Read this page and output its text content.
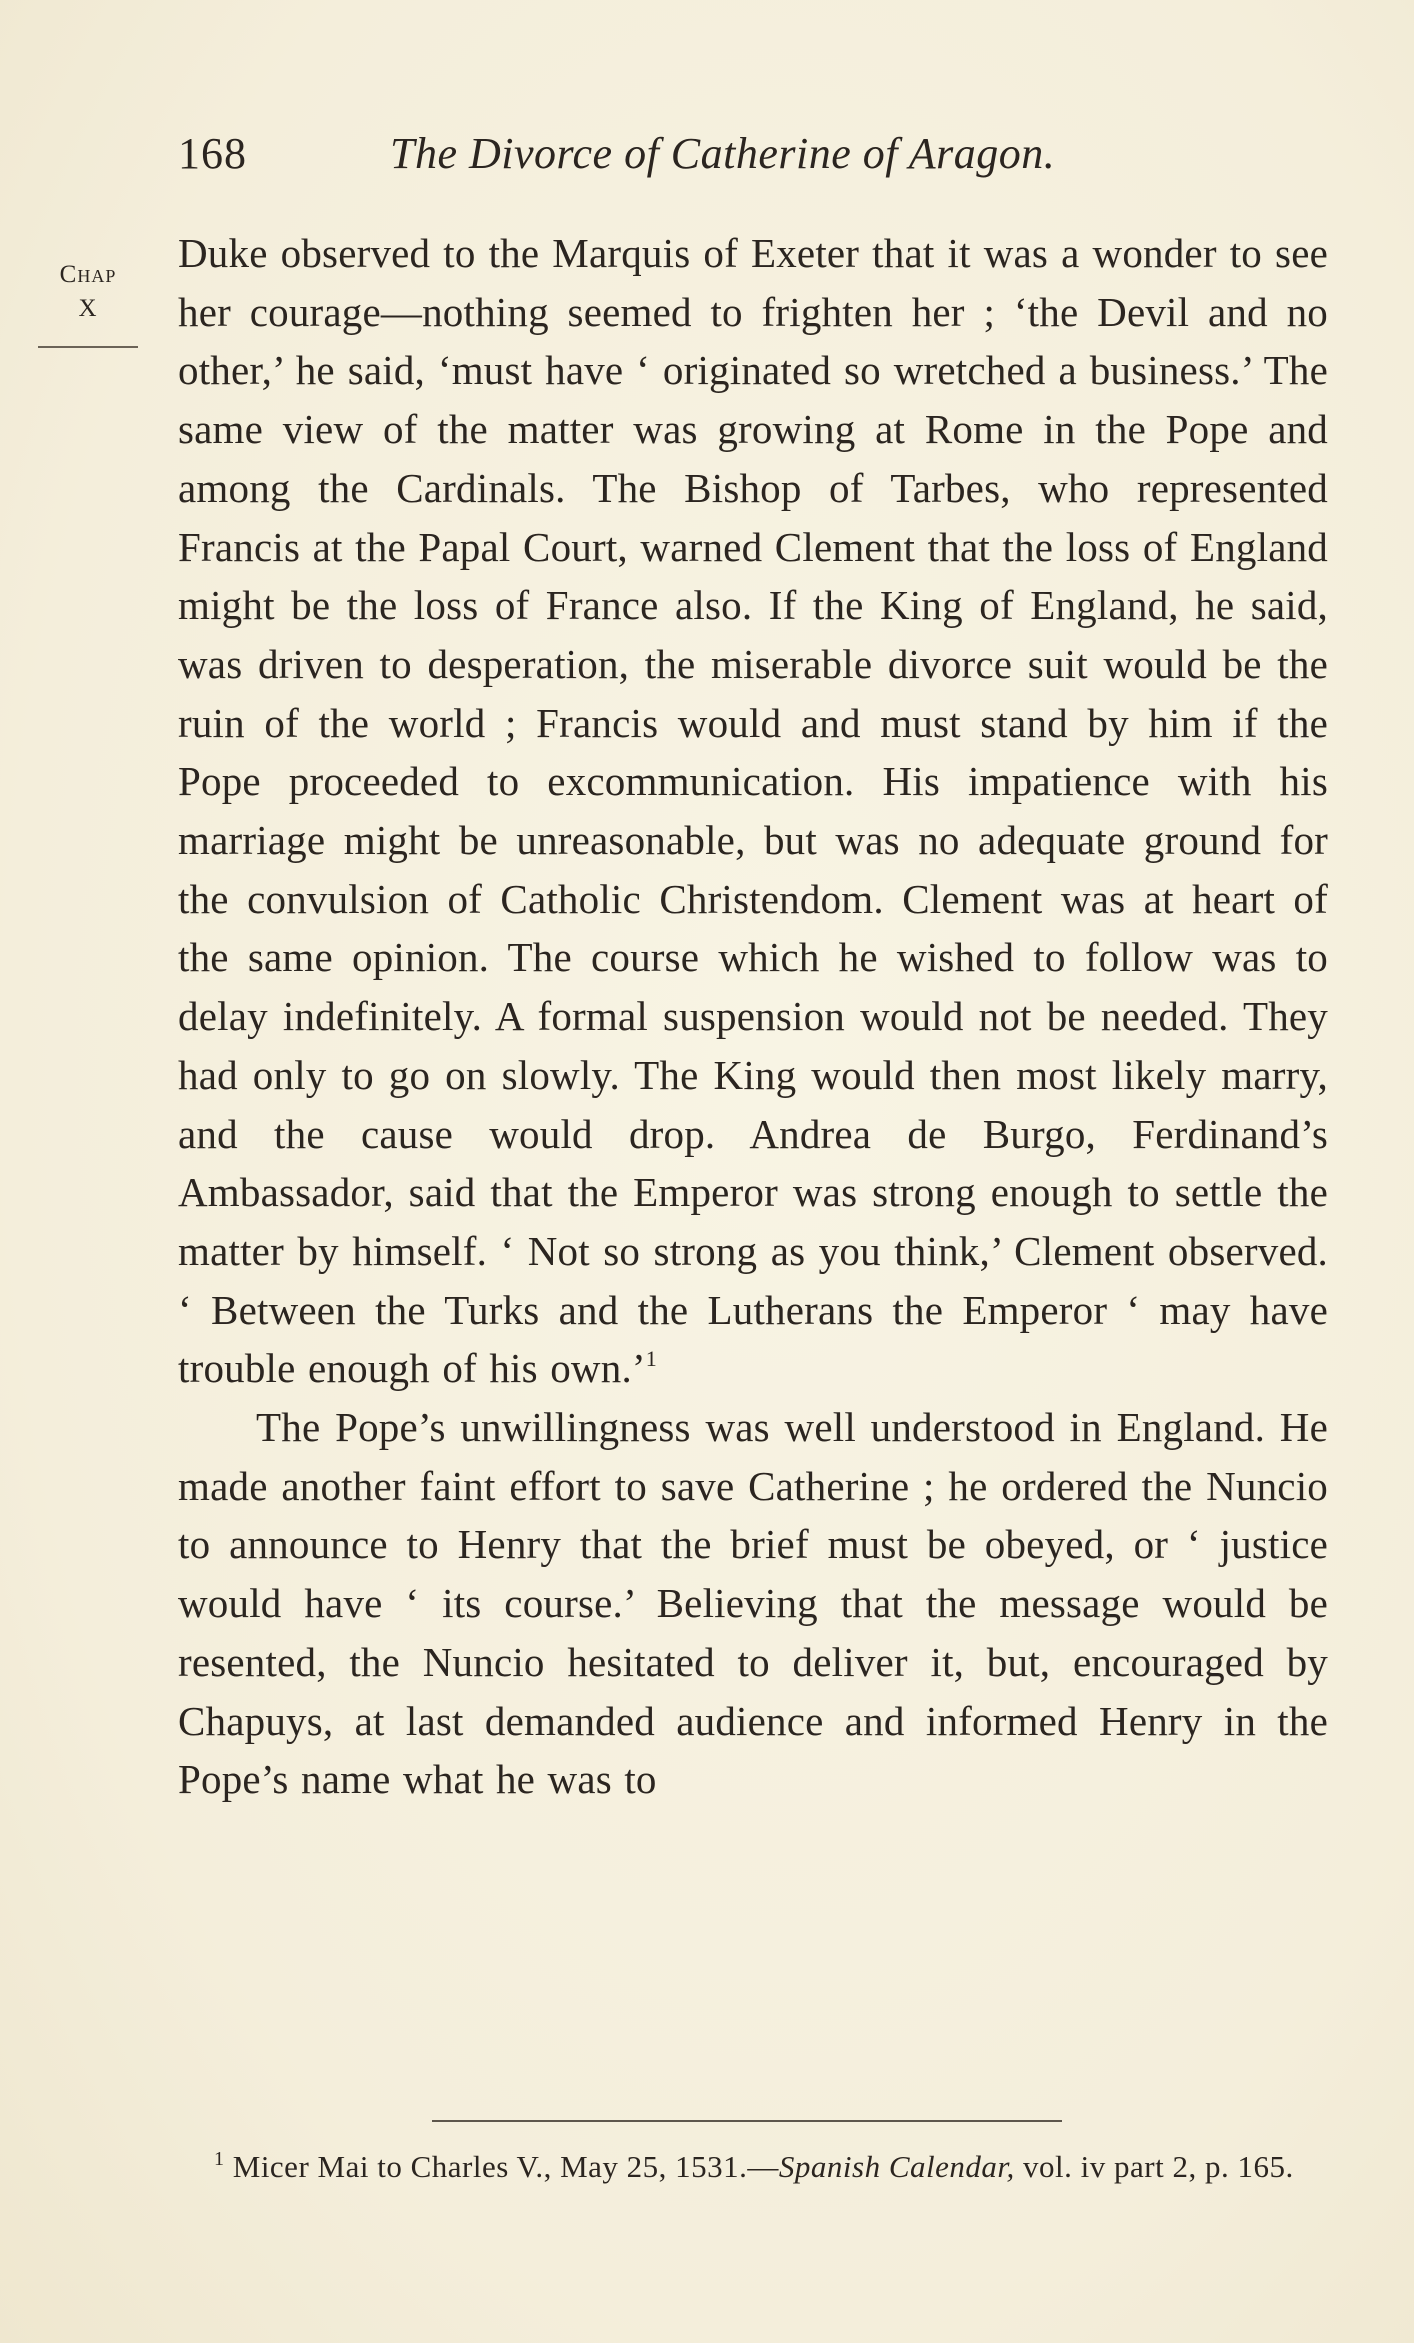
168	The Divorce of Catherine of Aragon.
Chap
X

Duke observed to the Marquis of Exeter that it was a wonder to see her courage—nothing seemed to frighten her ; ‘the Devil and no other,’ he said, ‘must have ‘ originated so wretched a business.’ The same view of the matter was growing at Rome in the Pope and among the Cardinals. The Bishop of Tarbes, who represented Francis at the Papal Court, warned Clement that the loss of England might be the loss of France also. If the King of England, he said, was driven to desperation, the miserable divorce suit would be the ruin of the world ; Francis would and must stand by him if the Pope proceeded to excommunication. His impatience with his marriage might be unreasonable, but was no adequate ground for the convulsion of Catholic Christendom. Clement was at heart of the same opinion. The course which he wished to follow was to delay indefinitely. A formal suspension would not be needed. They had only to go on slowly. The King would then most likely marry, and the cause would drop. Andrea de Burgo, Ferdinand’s Ambassador, said that the Emperor was strong enough to settle the matter by himself. ‘ Not so strong as you think,’ Clement observed. ‘ Between the Turks and the Lutherans the Emperor ‘ may have trouble enough of his own.’$^1$

The Pope’s unwillingness was well understood in England. He made another faint effort to save Catherine ; he ordered the Nuncio to announce to Henry that the brief must be obeyed, or ‘ justice would have ‘ its course.’ Believing that the message would be resented, the Nuncio hesitated to deliver it, but, encouraged by Chapuys, at last demanded audience and informed Henry in the Pope’s name what he was to

$^1$ Micer Mai to Charles V., May 25, 1531.—Spanish Calendar, vol. iv part 2, p. 165.
